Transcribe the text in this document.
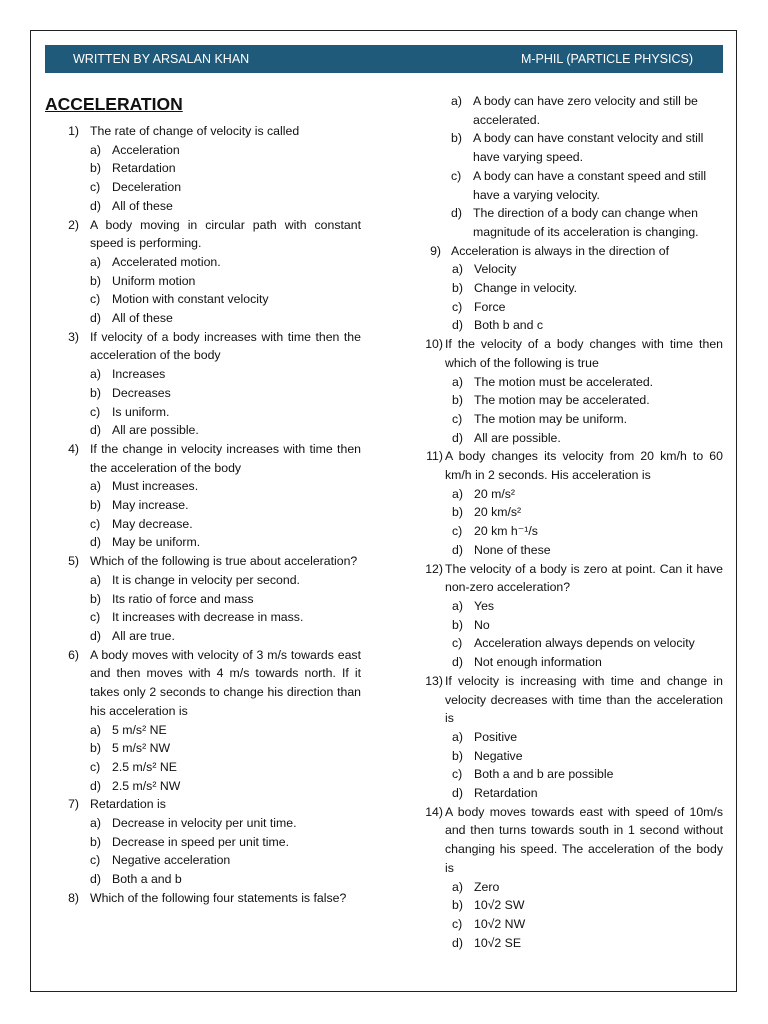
WRITTEN BY ARSALAN KHAN	M-PHIL (PARTICLE PHYSICS)
ACCELERATION
1) The rate of change of velocity is called
a) Acceleration
b) Retardation
c) Deceleration
d) All of these
2) A body moving in circular path with constant speed is performing.
a) Accelerated motion.
b) Uniform motion
c) Motion with constant velocity
d) All of these
3) If velocity of a body increases with time then the acceleration of the body
a) Increases
b) Decreases
c) Is uniform.
d) All are possible.
4) If the change in velocity increases with time then the acceleration of the body
a) Must increases.
b) May increase.
c) May decrease.
d) May be uniform.
5) Which of the following is true about acceleration?
a) It is change in velocity per second.
b) Its ratio of force and mass
c) It increases with decrease in mass.
d) All are true.
6) A body moves with velocity of 3 m/s towards east and then moves with 4 m/s towards north. If it takes only 2 seconds to change his direction than his acceleration is
a) 5 m/s² NE
b) 5 m/s² NW
c) 2.5 m/s² NE
d) 2.5 m/s² NW
7) Retardation is
a) Decrease in velocity per unit time.
b) Decrease in speed per unit time.
c) Negative acceleration
d) Both a and b
8) Which of the following four statements is false?
a) A body can have zero velocity and still be accelerated.
b) A body can have constant velocity and still have varying speed.
c) A body can have a constant speed and still have a varying velocity.
d) The direction of a body can change when magnitude of its acceleration is changing.
9) Acceleration is always in the direction of
a) Velocity
b) Change in velocity.
c) Force
d) Both b and c
10) If the velocity of a body changes with time then which of the following is true
a) The motion must be accelerated.
b) The motion may be accelerated.
c) The motion may be uniform.
d) All are possible.
11) A body changes its velocity from 20 km/h to 60 km/h in 2 seconds. His acceleration is
a) 20 m/s²
b) 20 km/s²
c) 20 km h⁻¹/s
d) None of these
12) The velocity of a body is zero at point. Can it have non-zero acceleration?
a) Yes
b) No
c) Acceleration always depends on velocity
d) Not enough information
13) If velocity is increasing with time and change in velocity decreases with time than the acceleration is
a) Positive
b) Negative
c) Both a and b are possible
d) Retardation
14) A body moves towards east with speed of 10m/s and then turns towards south in 1 second without changing his speed. The acceleration of the body is
a) Zero
b) 10√2 SW
c) 10√2 NW
d) 10√2 SE
